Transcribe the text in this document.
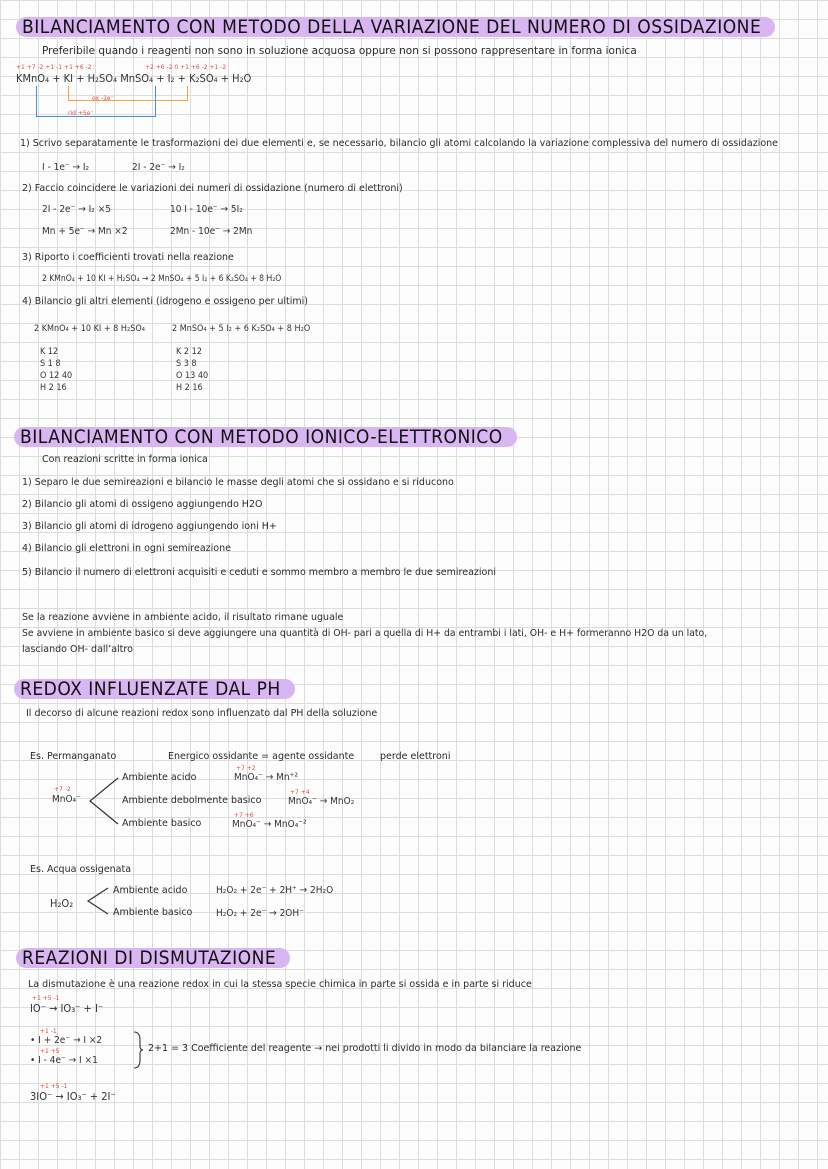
BILANCIAMENTO CON METODO DELLA VARIAZIONE DEL NUMERO DI OSSIDAZIONE
Preferibile quando i reagenti non sono in soluzione acquosa oppure non si possono rappresentare in forma ionica
+1 +7 -2 +1 -1 +1 +6 -2	+2 +6 -2 0 +1 +6 -2 +1 -2
KMnO₄ + KI + H₂SO₄ MnSO₄ + I₂ + K₂SO₄ + H₂O
ox -1e⁻
rid +5e⁻
1) Scrivo separatamente le trasformazioni dei due elementi e, se necessario, bilancio gli atomi calcolando la variazione complessiva del numero di ossidazione
I - 1e⁻ → I₂	2I - 2e⁻ → I₂
2) Faccio coincidere le variazioni dei numeri di ossidazione (numero di elettroni)
2I - 2e⁻ → I₂ ×5	10 I - 10e⁻ → 5I₂
Mn + 5e⁻ → Mn ×2	2Mn - 10e⁻ → 2Mn
3) Riporto i coefficienti trovati nella reazione
2 KMnO₄ + 10 KI + H₂SO₄ → 2 MnSO₄ + 5 I₂ + 6 K₂SO₄ + 8 H₂O
4) Bilancio gli altri elementi (idrogeno e ossigeno per ultimi)
2 KMnO₄ + 10 KI + 8 H₂SO₄	2 MnSO₄ + 5 I₂ + 6 K₂SO₄ + 8 H₂O
K 12
S 1 8
O 12 40
H 2 16
K 2 12
S 3 8
O 13 40
H 2 16
BILANCIAMENTO CON METODO IONICO-ELETTRONICO
Con reazioni scritte in forma ionica
1) Separo le due semireazioni e bilancio le masse degli atomi che si ossidano e si riducono
2) Bilancio gli atomi di ossigeno aggiungendo H2O
3) Bilancio gli atomi di idrogeno aggiungendo ioni H+
4) Bilancio gli elettroni in ogni semireazione
5) Bilancio il numero di elettroni acquisiti e ceduti e sommo membro a membro le due semireazioni
Se la reazione avviene in ambiente acido, il risultato rimane uguale
Se avviene in ambiente basico si deve aggiungere una quantità di OH- pari a quella di H+ da entrambi i lati, OH- e H+ formeranno H2O da un lato,
lasciando OH- dall’altro
REDOX INFLUENZATE DAL PH
Il decorso di alcune reazioni redox sono influenzato dal PH della soluzione
Es. Permanganato	Energico ossidante = agente ossidante	perde elettroni
+7 -2
MnO₄⁻
Ambiente acido
+7 +2
MnO₄⁻ → Mn⁺²
Ambiente debolmente basico
+7 +4
MnO₄⁻ → MnO₂
Ambiente basico
+7 +6
MnO₄⁻ → MnO₄⁻²
Es. Acqua ossigenata
H₂O₂
Ambiente acido	H₂O₂ + 2e⁻ + 2H⁺ → 2H₂O
Ambiente basico H₂O₂ + 2e⁻ → 2OH⁻
REAZIONI DI DISMUTAZIONE
La dismutazione è una reazione redox in cui la stessa specie chimica in parte si ossida e in parte si riduce
+1 +5 -1
IO⁻ → IO₃⁻ + I⁻
+1 -1
• I + 2e⁻ → I ×2
+1 +5
• I - 4e⁻ → I ×1
2+1 = 3 Coefficiente del reagente → nei prodotti li divido in modo da bilanciare la reazione
+1 +5 -1
3IO⁻ → IO₃⁻ + 2I⁻
